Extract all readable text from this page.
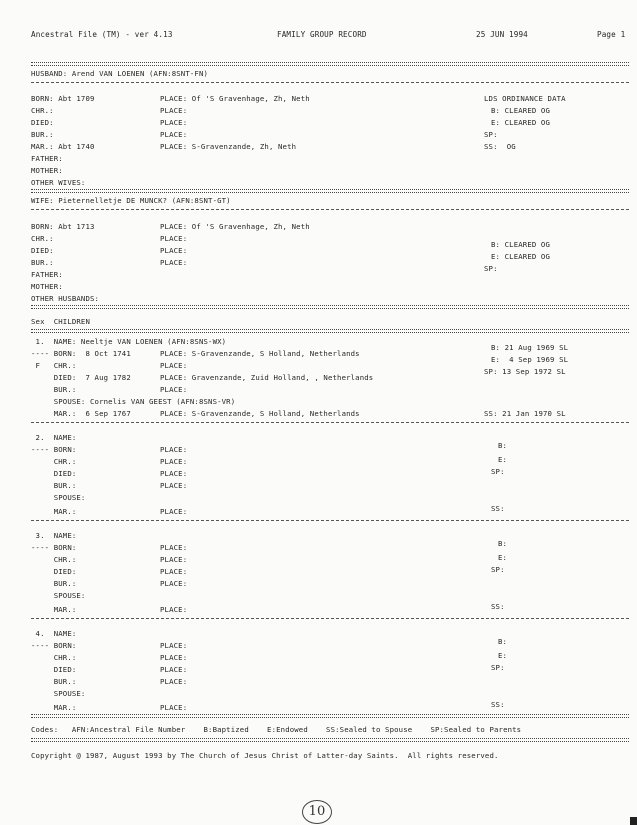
Ancestral File (TM) - ver 4.13	FAMILY GROUP RECORD	25 JUN 1994	Page 1
HUSBAND: Arend VAN LOENEN (AFN:8SNT-FN)
BORN: Abt 1709	PLACE: Of 'S Gravenhage, Zh, Neth
CHR.:	PLACE:
DIED:	PLACE:
BUR.:	PLACE:
MAR.: Abt 1740	PLACE: S-Gravenzande, Zh, Neth
FATHER:
MOTHER:
OTHER WIVES:
LDS ORDINANCE DATA
B: CLEARED OG
E: CLEARED OG
SP:
SS:  OG
WIFE: Pieternelletje DE MUNCK? (AFN:8SNT-GT)
BORN: Abt 1713	PLACE: Of 'S Gravenhage, Zh, Neth
CHR.:	PLACE:
DIED:	PLACE:
BUR.:	PLACE:
FATHER:
MOTHER:
OTHER HUSBANDS:
B: CLEARED OG
E: CLEARED OG
SP:
Sex  CHILDREN
1.  NAME: Neeltje VAN LOENEN (AFN:8SNS-WX)
---- BORN:  8 Oct 1741	PLACE: S-Gravenzande, S Holland, Netherlands
F   CHR.:	PLACE:
DIED:  7 Aug 1782	PLACE: Gravenzande, Zuid Holland, , Netherlands
BUR.:	PLACE:
SPOUSE: Cornelis VAN GEEST (AFN:8SNS-VR)
MAR.:  6 Sep 1767	PLACE: S-Gravenzande, S Holland, Netherlands
B: 21 Aug 1969 SL
E:  4 Sep 1969 SL
SP: 13 Sep 1972 SL
SS: 21 Jan 1970 SL
2.  NAME:
---- BORN:	PLACE:
CHR.:	PLACE:
DIED:	PLACE:
BUR.:	PLACE:
SPOUSE:
MAR.:	PLACE:
B:
E:
SP:
SS:
3.  NAME:
---- BORN:	PLACE:
CHR.:	PLACE:
DIED:	PLACE:
BUR.:	PLACE:
SPOUSE:
MAR.:	PLACE:
B:
E:
SP:
SS:
4.  NAME:
---- BORN:	PLACE:
CHR.:	PLACE:
DIED:	PLACE:
BUR.:	PLACE:
SPOUSE:
MAR.:	PLACE:
B:
E:
SP:
SS:
Codes:   AFN:Ancestral File Number    B:Baptized    E:Endowed    SS:Sealed to Spouse    SP:Sealed to Parents
Copyright @ 1987, August 1993 by The Church of Jesus Christ of Latter-day Saints.  All rights reserved.
10
